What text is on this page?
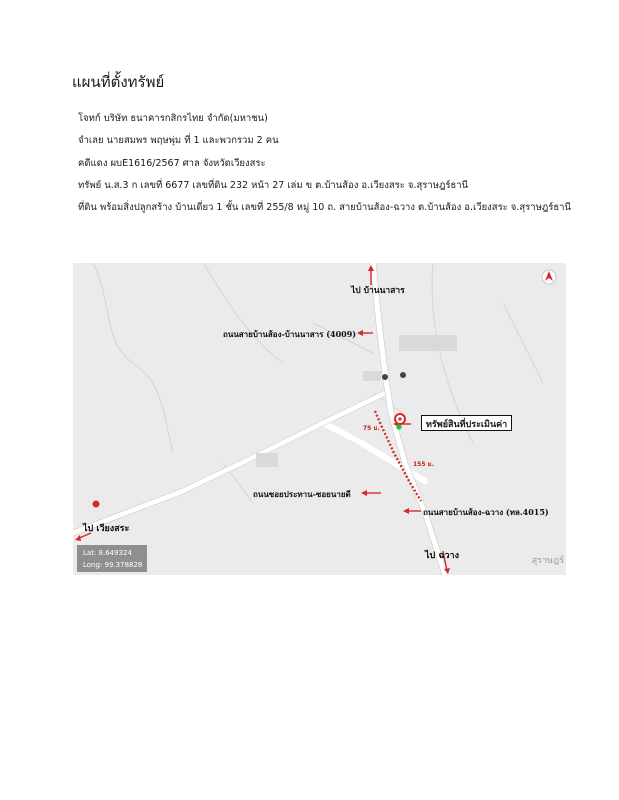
แผนที่ตั้งทรัพย์
โจทก์ บริษัท ธนาคารกสิกรไทย จำกัด(มหาชน)
จำเลย นายสมพร พฤษพุ่ม ที่ 1 และพวกรวม 2 คน
คดีแดง ผบE1616/2567 ศาล จังหวัดเวียงสระ
ทรัพย์ น.ส.3 ก เลขที่ 6677 เลขที่ดิน 232 หน้า 27 เล่ม ข ต.บ้านส้อง อ.เวียงสระ จ.สุราษฎร์ธานี
ที่ดิน พร้อมสิ่งปลูกสร้าง บ้านเดี่ยว 1 ชั้น เลขที่ 255/8 หมู่ 10 ถ. สายบ้านส้อง-ฉวาง ต.บ้านส้อง อ.เวียงสระ จ.สุราษฎร์ธานี
ไป บ้านนาสาร
ถนนสายบ้านส้อง-บ้านนาสาร (4009)
ทรัพย์สินที่ประเมินค่า
75 ม.
155 ม.
ถนนซอยประทาน-ซอยนายดี
ถนนสายบ้านส้อง-ฉวาง (ทล.4015)
ไป เวียงสระ
ไป ฉวาง	สุราษฎร์
Lat: 8.649324
Long: 99.378828
